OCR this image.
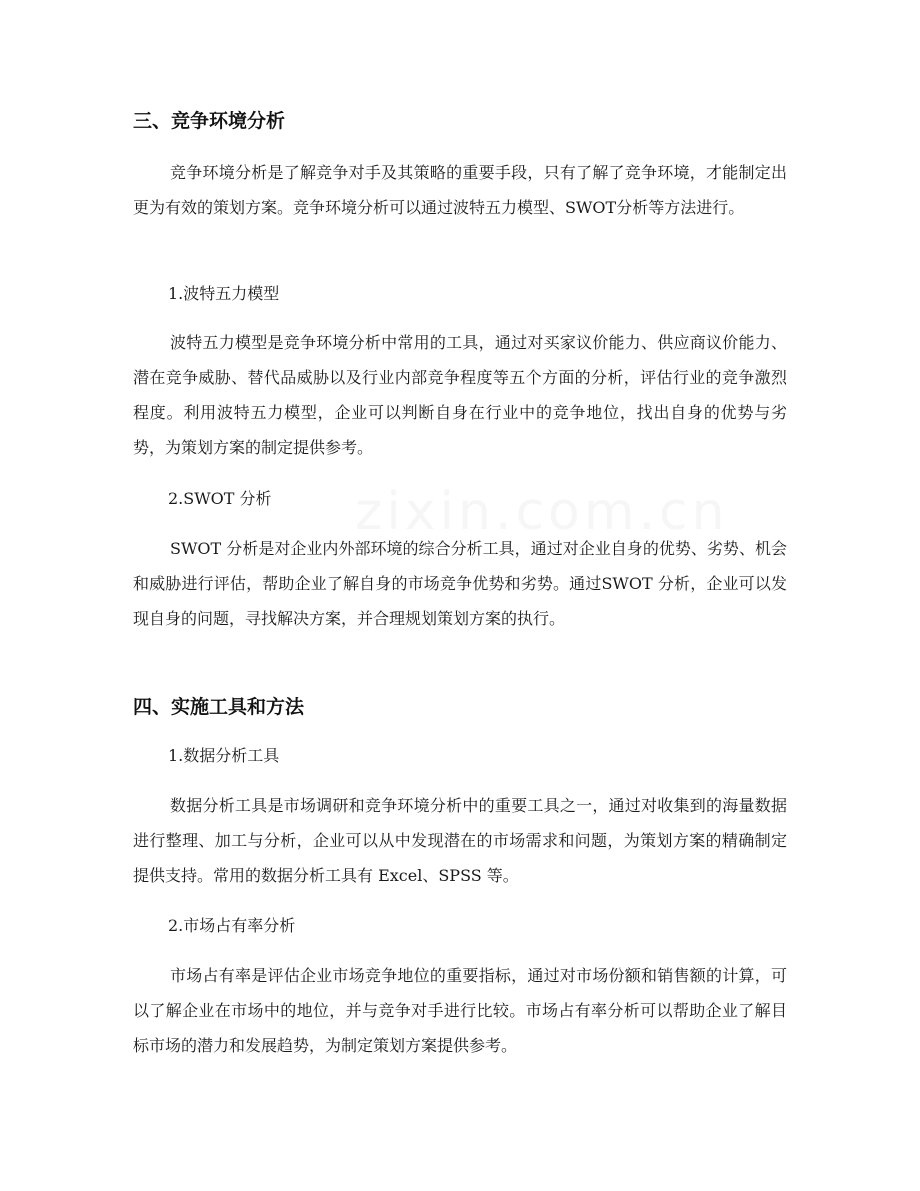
三、竞争环境分析

竞争环境分析是了解竞争对手及其策略的重要手段，只有了解了竞争环境，才能制定出更为有效的策划方案。竞争环境分析可以通过波特五力模型、SWOT分析等方法进行。

1.波特五力模型

波特五力模型是竞争环境分析中常用的工具，通过对买家议价能力、供应商议价能力、潜在竞争威胁、替代品威胁以及行业内部竞争程度等五个方面的分析，评估行业的竞争激烈程度。利用波特五力模型，企业可以判断自身在行业中的竞争地位，找出自身的优势与劣势，为策划方案的制定提供参考。

2.SWOT 分析

SWOT 分析是对企业内外部环境的综合分析工具，通过对企业自身的优势、劣势、机会和威胁进行评估，帮助企业了解自身的市场竞争优势和劣势。通过SWOT 分析，企业可以发现自身的问题，寻找解决方案，并合理规划策划方案的执行。

四、实施工具和方法

1.数据分析工具

数据分析工具是市场调研和竞争环境分析中的重要工具之一，通过对收集到的海量数据进行整理、加工与分析，企业可以从中发现潜在的市场需求和问题，为策划方案的精确制定提供支持。常用的数据分析工具有 Excel、SPSS 等。

2.市场占有率分析

市场占有率是评估企业市场竞争地位的重要指标，通过对市场份额和销售额的计算，可以了解企业在市场中的地位，并与竞争对手进行比较。市场占有率分析可以帮助企业了解目标市场的潜力和发展趋势，为制定策划方案提供参考。

zixin.com.cn
